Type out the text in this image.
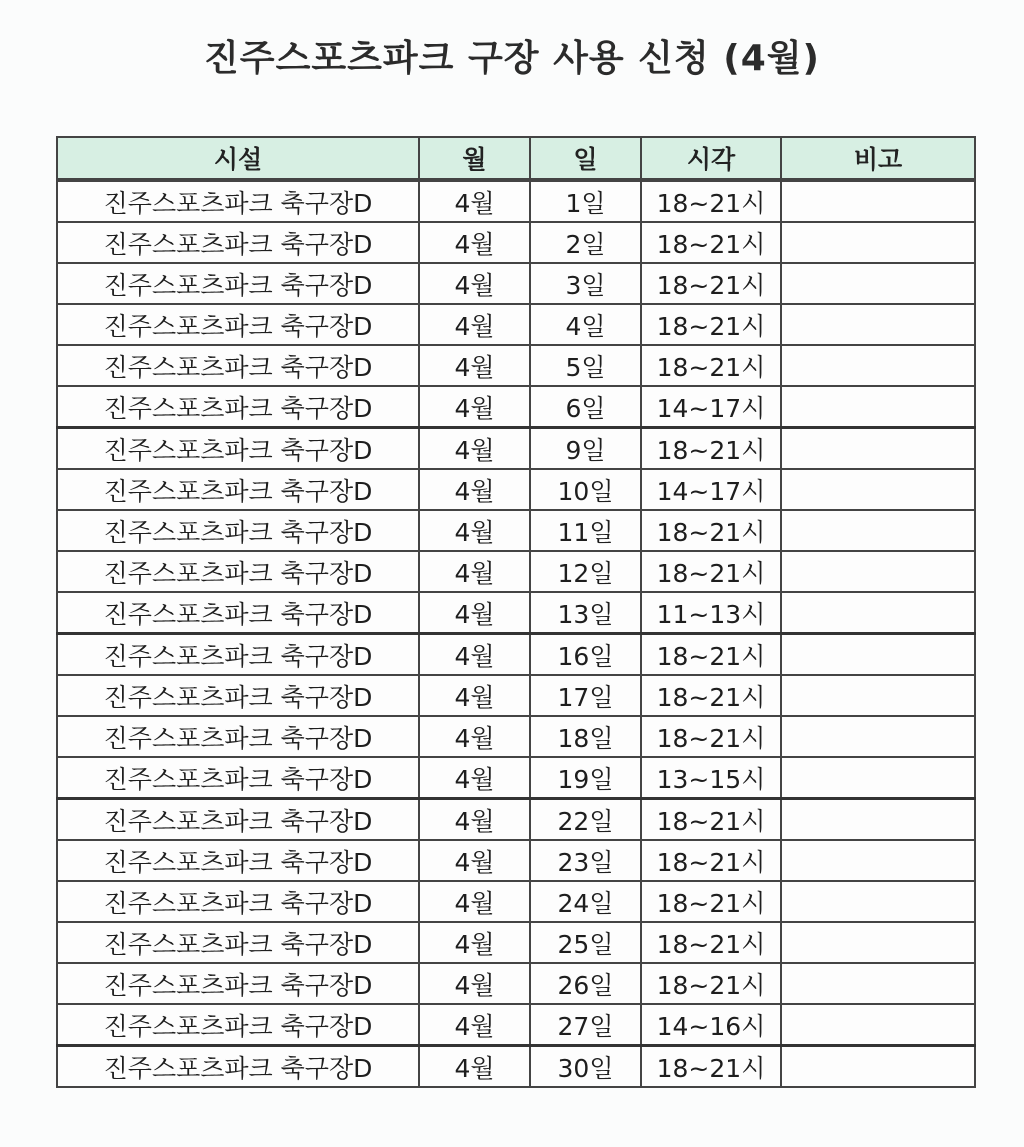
진주스포츠파크 구장 사용 신청 (4월)
시설	월	일	시각	비고
진주스포츠파크 축구장D	4월	1일	18~21시	
진주스포츠파크 축구장D	4월	2일	18~21시	
진주스포츠파크 축구장D	4월	3일	18~21시	
진주스포츠파크 축구장D	4월	4일	18~21시	
진주스포츠파크 축구장D	4월	5일	18~21시	
진주스포츠파크 축구장D	4월	6일	14~17시	
진주스포츠파크 축구장D	4월	9일	18~21시	
진주스포츠파크 축구장D	4월	10일	14~17시	
진주스포츠파크 축구장D	4월	11일	18~21시	
진주스포츠파크 축구장D	4월	12일	18~21시	
진주스포츠파크 축구장D	4월	13일	11~13시	
진주스포츠파크 축구장D	4월	16일	18~21시	
진주스포츠파크 축구장D	4월	17일	18~21시	
진주스포츠파크 축구장D	4월	18일	18~21시	
진주스포츠파크 축구장D	4월	19일	13~15시	
진주스포츠파크 축구장D	4월	22일	18~21시	
진주스포츠파크 축구장D	4월	23일	18~21시	
진주스포츠파크 축구장D	4월	24일	18~21시	
진주스포츠파크 축구장D	4월	25일	18~21시	
진주스포츠파크 축구장D	4월	26일	18~21시	
진주스포츠파크 축구장D	4월	27일	14~16시	
진주스포츠파크 축구장D	4월	30일	18~21시	
